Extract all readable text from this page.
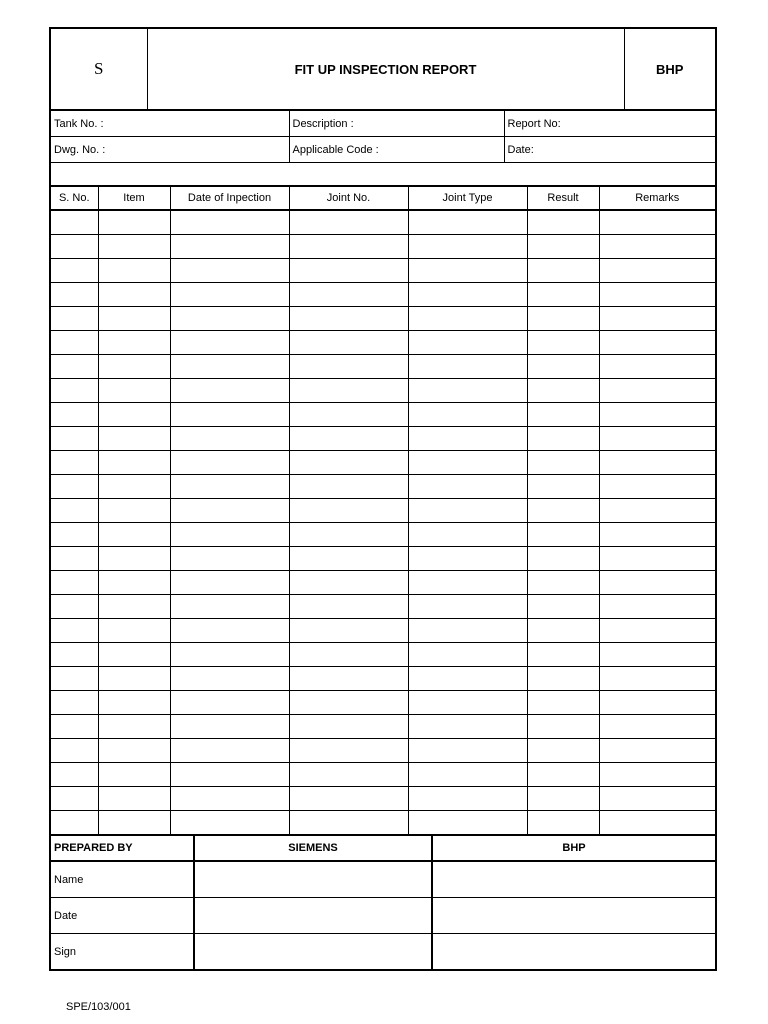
S	FIT UP INSPECTION REPORT	BHP
Tank No. :	Description :	Report No:
Dwg. No. :	Applicable Code :	Date:

S. No.	Item	Date of Inpection	Joint No.	Joint Type	Result	Remarks

PREPARED BY	SIEMENS	BHP
Name		
Date		
Sign		
SPE/103/001
